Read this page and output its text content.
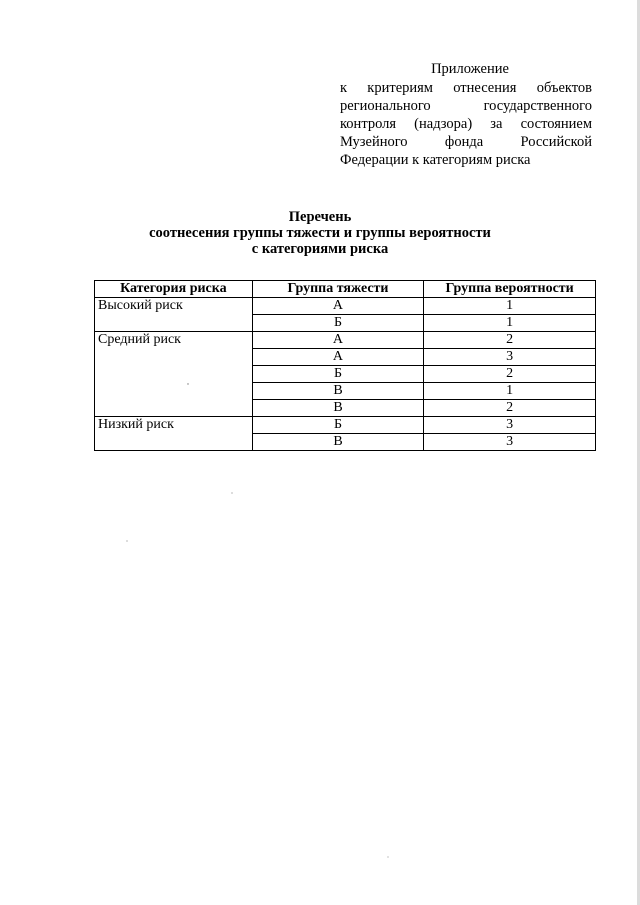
Приложение
к критериям отнесения объектов регионального государственного контроля (надзора) за состоянием Музейного фонда Российской Федерации к категориям риска
Перечень
соотнесения группы тяжести и группы вероятности
с категориями риска
Категория риска	Группа тяжести	Группа вероятности
Высокий риск	А	1
	Б	1
Средний риск	А	2
	А	3
	Б	2
	В	1
	В	2
Низкий риск	Б	3
	В	3
